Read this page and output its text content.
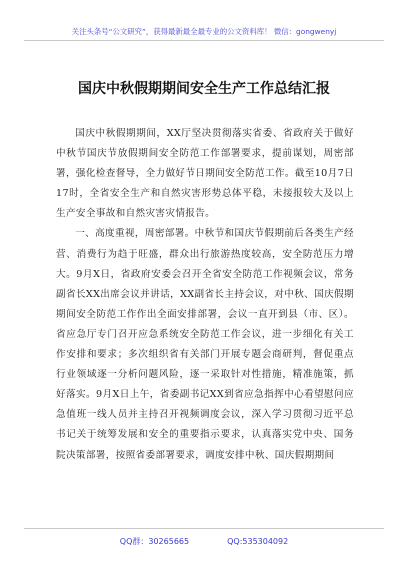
关注头条号“公文研究”，获得最新最全最专业的公文资料库！ 微信：gongwenyj
国庆中秋假期期间安全生产工作总结汇报

国庆中秋假期期间，XX厅坚决贯彻落实省委、省政府关于做好中秋节国庆节放假期间安全防范工作部署要求，提前谋划，周密部署，强化检查督导，全力做好节日期间安全防范工作。截至10月7日17时，全省安全生产和自然灾害形势总体平稳，未接报较大及以上生产安全事故和自然灾害灾情报告。

一、高度重视，周密部署。中秋节和国庆节假期前后各类生产经营、消费行为趋于旺盛，群众出行旅游热度较高，安全防范压力增大。9月X日，省政府安委会召开全省安全防范工作视频会议，常务副省长XX出席会议并讲话，XX副省长主持会议，对中秋、国庆假期期间安全防范工作作出全面安排部署，会议一直开到县（市、区）。省应急厅专门召开应急系统安全防范工作会议，进一步细化有关工作安排和要求；多次组织省有关部门开展专题会商研判，督促重点行业领域逐一分析问题风险，逐一采取针对性措施，精准施策，抓好落实。9月X日上午，省委副书记XX到省应急指挥中心看望慰问应急值班一线人员并主持召开视频调度会议，深入学习贯彻习近平总书记关于统筹发展和安全的重要指示要求，认真落实党中央、国务院决策部署，按照省委部署要求，调度安排中秋、国庆假期期间

QQ群：30265665	QQ:535304092
